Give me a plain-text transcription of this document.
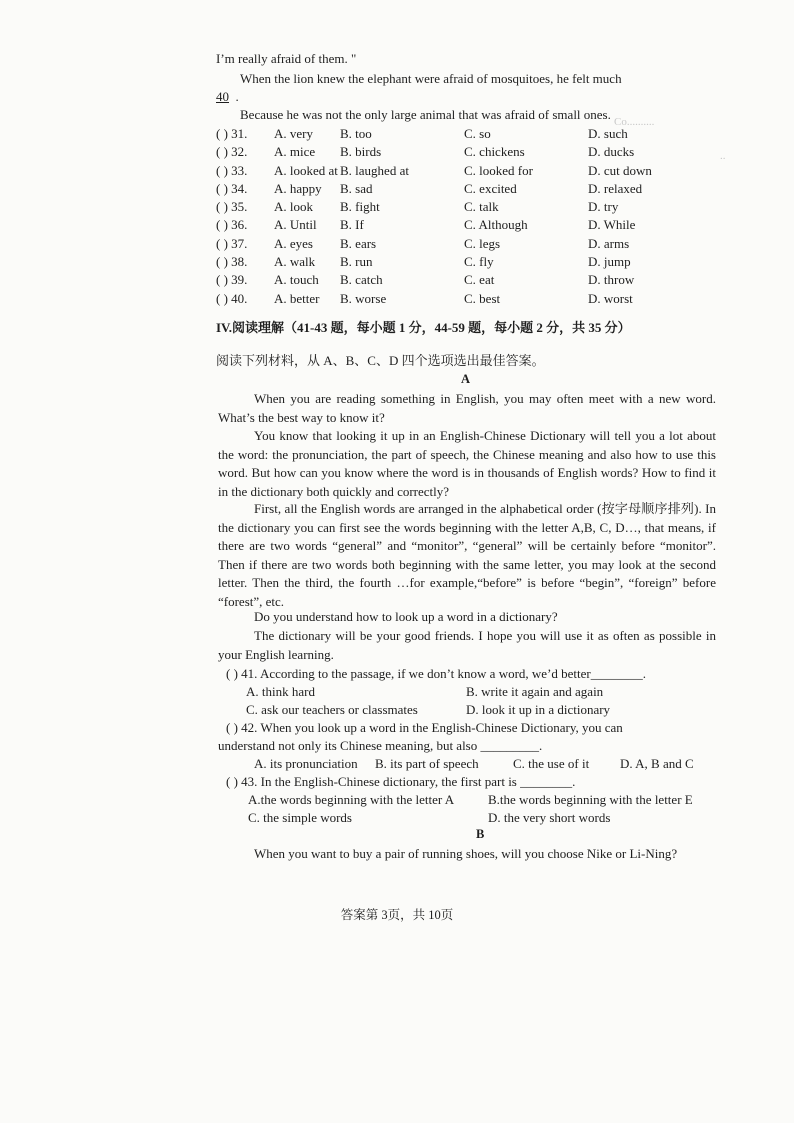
Co..........
..
I’m really afraid of them. "
When the lion knew the elephant were afraid of mosquitoes, he felt much
40 .
Because he was not the only large animal that was afraid of small ones.
( ) 31.	A. very	B. too	C. so	D. such
( ) 32.	A. mice	B. birds	C. chickens	D. ducks
( ) 33.	A. looked at	B. laughed at	C. looked for	D. cut down
( ) 34.	A. happy	B. sad	C. excited	D. relaxed
( ) 35.	A. look	B. fight	C. talk	D. try
( ) 36.	A. Until	B. If	C. Although	D. While
( ) 37.	A. eyes	B. ears	C. legs	D. arms
( ) 38.	A. walk	B. run	C. fly	D. jump
( ) 39.	A. touch	B. catch	C. eat	D. throw
( ) 40.	A. better	B. worse	C. best	D. worst
IV.阅读理解（41-43 题，每小题 1 分，44-59 题，每小题 2 分，共 35 分）
阅读下列材料，从 A、B、C、D 四个选项选出最佳答案。
A
When you are reading something in English, you may often meet with a new word. What’s the best way to know it?
You know that looking it up in an English-Chinese Dictionary will tell you a lot about the word: the pronunciation, the part of speech, the Chinese meaning and also how to use this word. But how can you know where the word is in thousands of English words? How to find it in the dictionary both quickly and correctly?
First, all the English words are arranged in the alphabetical order (按字母顺序排列). In the dictionary you can first see the words beginning with the letter A,B, C, D…, that means, if there are two words “general” and “monitor”, “general” will be certainly before “monitor”. Then if there are two words both beginning with the same letter, you may look at the second letter. Then the third, the fourth …for example,“before” is before “begin”, “foreign” before “forest”, etc.
Do you understand how to look up a word in a dictionary?
The dictionary will be your good friends. I hope you will use it as often as possible in your English learning.
( ) 41. According to the passage, if we don’t know a word, we’d better________.
A. think hard	B. write it again and again
C. ask our teachers or classmates	D. look it up in a dictionary
( ) 42. When you look up a word in the English-Chinese Dictionary, you can
understand not only its Chinese meaning, but also _________.
A. its pronunciation B. its part of speech	C. the use of it D. A, B and C
( ) 43. In the English-Chinese dictionary, the first part is ________.
A.the words beginning with the letter A	B.the words beginning with the letter E
C. the simple words	D. the very short words
B
When you want to buy a pair of running shoes, will you choose Nike or Li-Ning?
答案第 3页，共 10页
